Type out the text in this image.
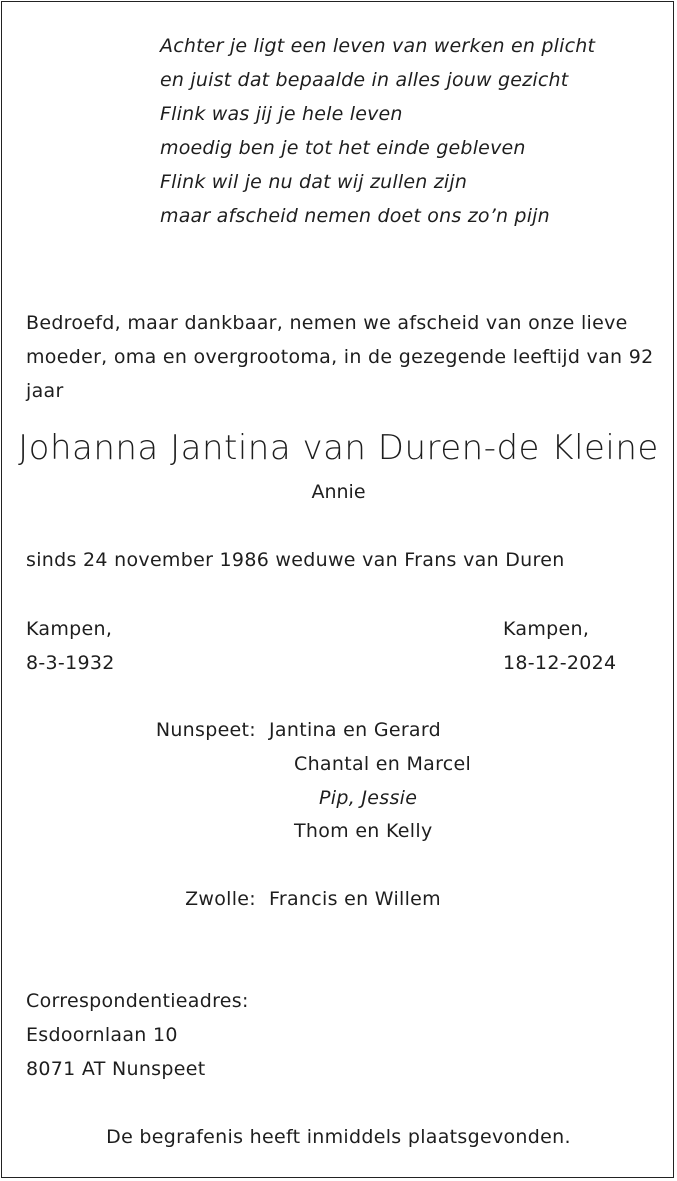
Achter je ligt een leven van werken en plicht
en juist dat bepaalde in alles jouw gezicht
Flink was jij je hele leven
moedig ben je tot het einde gebleven
Flink wil je nu dat wij zullen zijn
maar afscheid nemen doet ons zo’n pijn
Bedroefd, maar dankbaar, nemen we afscheid van onze lieve moeder, oma en overgrootoma, in de gezegende leeftijd van 92 jaar
Johanna Jantina van Duren-de Kleine
Annie
sinds 24 november 1986 weduwe van Frans van Duren
Kampen,
8-3-1932
Kampen,
18-12-2024
Nunspeet: Jantina en Gerard
Chantal en Marcel
Pip, Jessie
Thom en Kelly
Zwolle: Francis en Willem
Correspondentieadres:
Esdoornlaan 10
8071 AT Nunspeet
De begrafenis heeft inmiddels plaatsgevonden.
